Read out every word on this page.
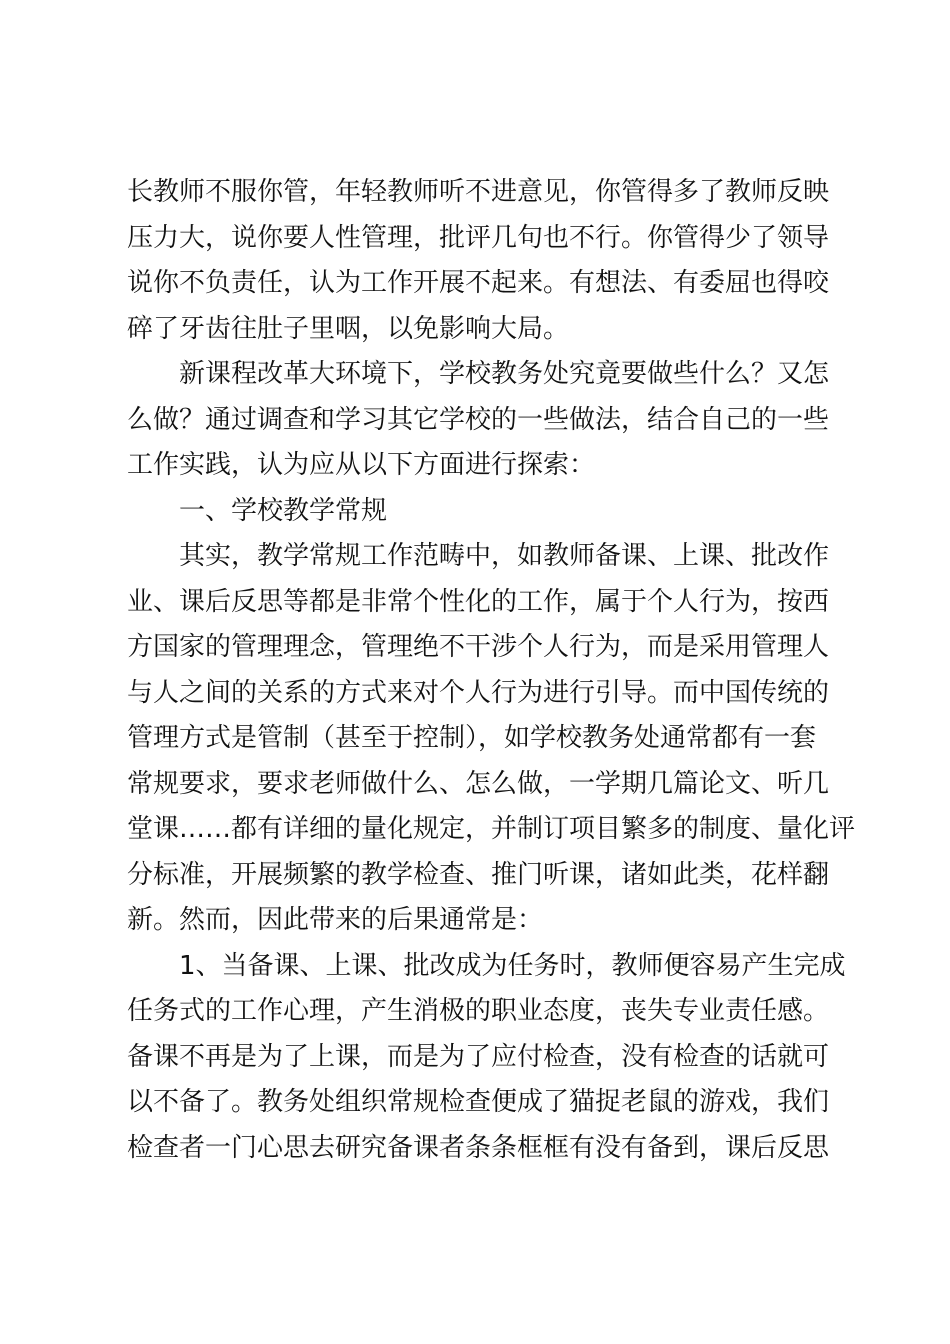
长教师不服你管，年轻教师听不进意见，你管得多了教师反映
压力大，说你要人性管理，批评几句也不行。你管得少了领导
说你不负责任，认为工作开展不起来。有想法、有委屈也得咬
碎了牙齿往肚子里咽，以免影响大局。

新课程改革大环境下，学校教务处究竟要做些什么？又怎
么做？通过调查和学习其它学校的一些做法，结合自己的一些
工作实践，认为应从以下方面进行探索：

一、学校教学常规

其实，教学常规工作范畴中，如教师备课、上课、批改作
业、课后反思等都是非常个性化的工作，属于个人行为，按西
方国家的管理理念，管理绝不干涉个人行为，而是采用管理人
与人之间的关系的方式来对个人行为进行引导。而中国传统的
管理方式是管制（甚至于控制），如学校教务处通常都有一套
常规要求，要求老师做什么、怎么做，一学期几篇论文、听几
堂课……都有详细的量化规定，并制订项目繁多的制度、量化评
分标准，开展频繁的教学检查、推门听课，诸如此类，花样翻
新。然而，因此带来的后果通常是：

1、当备课、上课、批改成为任务时，教师便容易产生完成
任务式的工作心理，产生消极的职业态度，丧失专业责任感。
备课不再是为了上课，而是为了应付检查，没有检查的话就可
以不备了。教务处组织常规检查便成了猫捉老鼠的游戏，我们
检查者一门心思去研究备课者条条框框有没有备到，课后反思
